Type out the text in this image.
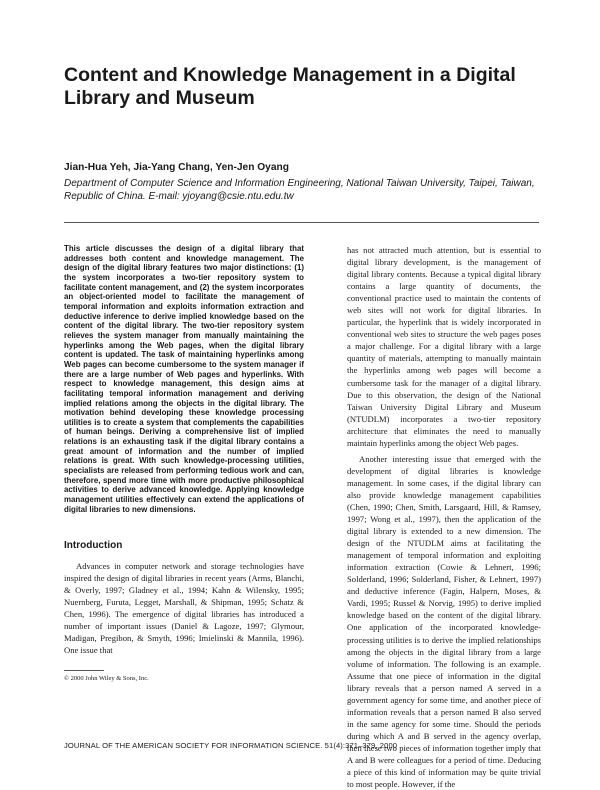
Content and Knowledge Management in a Digital Library and Museum
Jian-Hua Yeh, Jia-Yang Chang, Yen-Jen Oyang
Department of Computer Science and Information Engineering, National Taiwan University, Taipei, Taiwan, Republic of China. E-mail: yjoyang@csie.ntu.edu.tw
This article discusses the design of a digital library that addresses both content and knowledge management. The design of the digital library features two major distinctions: (1) the system incorporates a two-tier repository system to facilitate content management, and (2) the system incorporates an object-oriented model to facilitate the management of temporal information and exploits information extraction and deductive inference to derive implied knowledge based on the content of the digital library. The two-tier repository system relieves the system manager from manually maintaining the hyperlinks among the Web pages, when the digital library content is updated. The task of maintaining hyperlinks among Web pages can become cumbersome to the system manager if there are a large number of Web pages and hyperlinks. With respect to knowledge management, this design aims at facilitating temporal information management and deriving implied relations among the objects in the digital library. The motivation behind developing these knowledge processing utilities is to create a system that complements the capabilities of human beings. Deriving a comprehensive list of implied relations is an exhausting task if the digital library contains a great amount of information and the number of implied relations is great. With such knowledge-processing utilities, specialists are released from performing tedious work and can, therefore, spend more time with more productive philosophical activities to derive advanced knowledge. Applying knowledge management utilities effectively can extend the applications of digital libraries to new dimensions.
Introduction
Advances in computer network and storage technologies have inspired the design of digital libraries in recent years (Arms, Blanchi, & Overly, 1997; Gladney et al., 1994; Kahn & Wilensky, 1995; Nuernberg, Furuta, Legget, Marshall, & Shipman, 1995; Schatz & Chen, 1996). The emergence of digital libraries has introduced a number of important issues (Daniel & Lagoze, 1997; Glymour, Madigan, Pregibon, & Smyth, 1996; Imielinski & Mannila, 1996). One issue that
© 2000 John Wiley & Sons, Inc.

has not attracted much attention, but is essential to digital library development, is the management of digital library contents. Because a typical digital library contains a large quantity of documents, the conventional practice used to maintain the contents of web sites will not work for digital libraries. In particular, the hyperlink that is widely incorporated in conventional web sites to structure the web pages poses a major challenge. For a digital library with a large quantity of materials, attempting to manually maintain the hyperlinks among web pages will become a cumbersome task for the manager of a digital library. Due to this observation, the design of the National Taiwan University Digital Library and Museum (NTUDLM) incorporates a two-tier repository architecture that eliminates the need to manually maintain hyperlinks among the object Web pages.

Another interesting issue that emerged with the development of digital libraries is knowledge management. In some cases, if the digital library can also provide knowledge management capabilities (Chen, 1990; Chen, Smith, Larsgaard, Hill, & Ramsey, 1997; Wong et al., 1997), then the application of the digital library is extended to a new dimension. The design of the NTUDLM aims at facilitating the management of temporal information and exploiting information extraction (Cowie & Lehnert, 1996; Solderland, 1996; Solderland, Fisher, & Lehnert, 1997) and deductive inference (Fagin, Halpern, Moses, & Vardi, 1995; Russel & Norvig, 1995) to derive implied knowledge based on the content of the digital library. One application of the incorporated knowledge-processing utilities is to derive the implied relationships among the objects in the digital library from a large volume of information. The following is an example. Assume that one piece of information in the digital library reveals that a person named A served in a government agency for some time, and another piece of information reveals that a person named B also served in the same agency for some time. Should the periods during which A and B served in the agency overlap, then these two pieces of information together imply that A and B were colleagues for a period of time. Deducing a piece of this kind of information may be quite trivial to most people. However, if the

JOURNAL OF THE AMERICAN SOCIETY FOR INFORMATION SCIENCE. 51(4):371–379, 2000
